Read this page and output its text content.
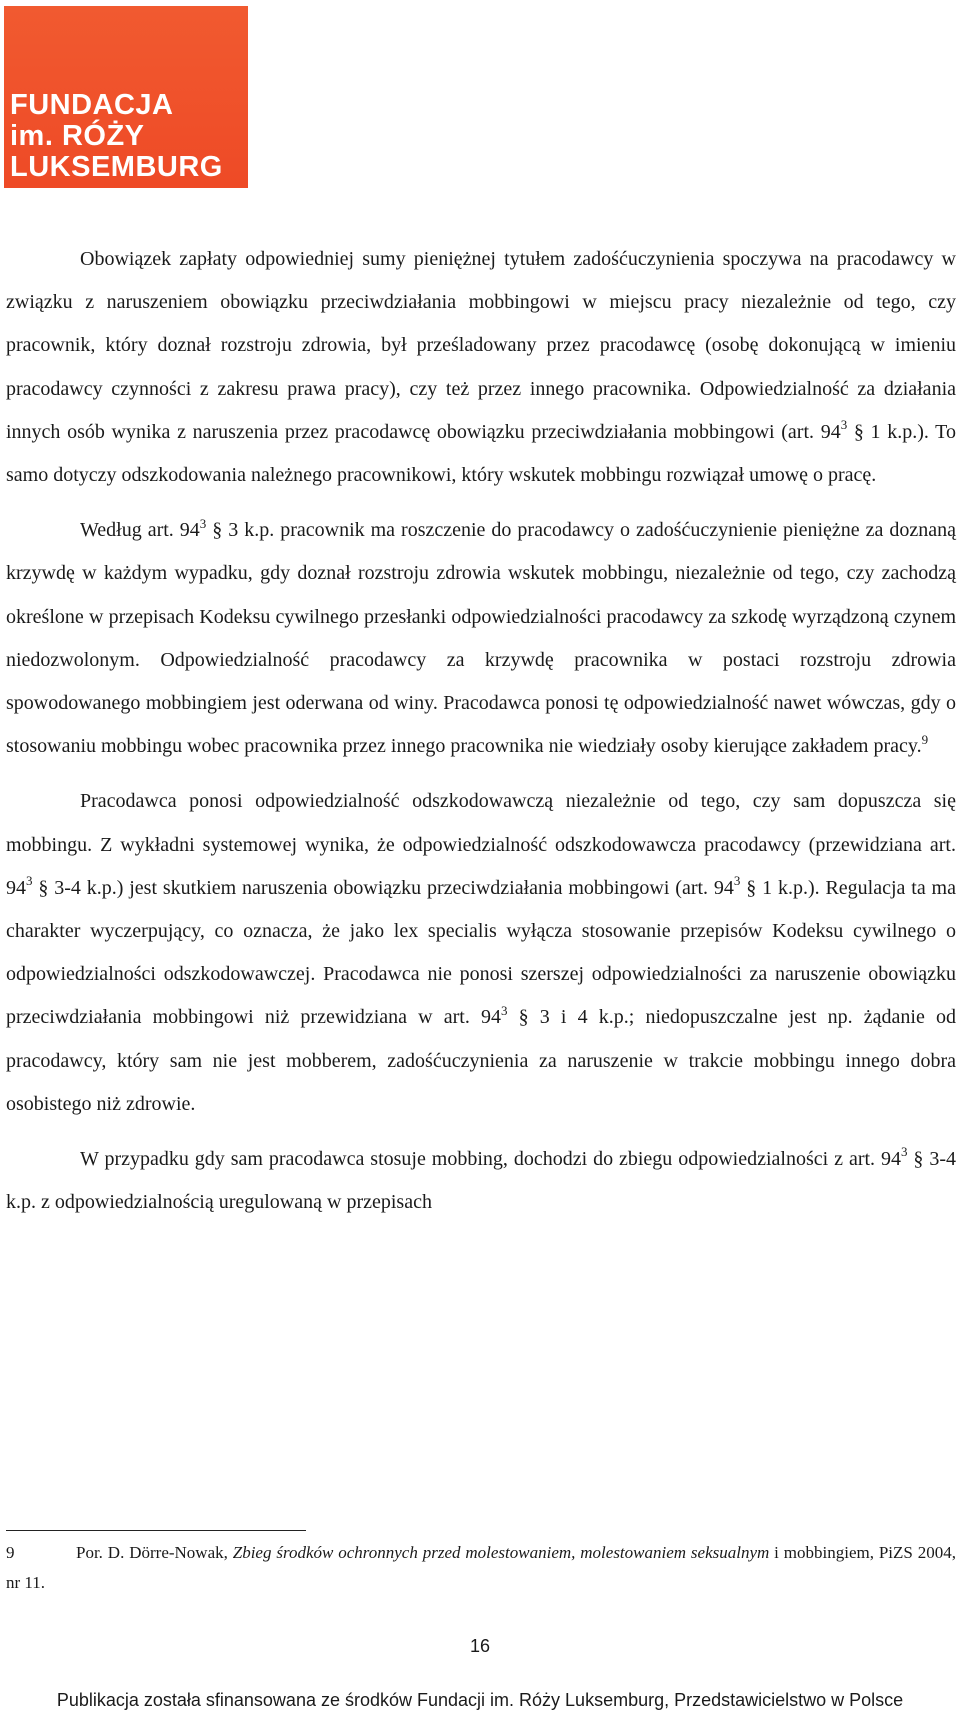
FUNDACJA
im. RÓŻY
LUKSEMBURG

Obowiązek zapłaty odpowiedniej sumy pieniężnej tytułem zadośćuczynienia spoczywa na pracodawcy w związku z naruszeniem obowiązku przeciwdziałania mobbingowi w miejscu pracy niezależnie od tego, czy pracownik, który doznał rozstroju zdrowia, był prześladowany przez pracodawcę (osobę dokonującą w imieniu pracodawcy czynności z zakresu prawa pracy), czy też przez innego pracownika. Odpowiedzialność za działania innych osób wynika z naruszenia przez pracodawcę obowiązku przeciwdziałania mobbingowi (art. $94^3$ § 1 k.p.). To samo dotyczy odszkodowania należnego pracownikowi, który wskutek mobbingu rozwiązał umowę o pracę.

Według art. $94^3$ § 3 k.p. pracownik ma roszczenie do pracodawcy o zadośćuczynienie pieniężne za doznaną krzywdę w każdym wypadku, gdy doznał rozstroju zdrowia wskutek mobbingu, niezależnie od tego, czy zachodzą określone w przepisach Kodeksu cywilnego przesłanki odpowiedzialności pracodawcy za szkodę wyrządzoną czynem niedozwolonym. Odpowiedzialność pracodawcy za krzywdę pracownika w postaci rozstroju zdrowia spowodowanego mobbingiem jest oderwana od winy. Pracodawca ponosi tę odpowiedzialność nawet wówczas, gdy o stosowaniu mobbingu wobec pracownika przez innego pracownika nie wiedziały osoby kierujące zakładem pracy.$^9$

Pracodawca ponosi odpowiedzialność odszkodowawczą niezależnie od tego, czy sam dopuszcza się mobbingu. Z wykładni systemowej wynika, że odpowiedzialność odszkodowawcza pracodawcy (przewidziana art. $94^3$ § 3-4 k.p.) jest skutkiem naruszenia obowiązku przeciwdziałania mobbingowi (art. $94^3$ § 1 k.p.). Regulacja ta ma charakter wyczerpujący, co oznacza, że jako lex specialis wyłącza stosowanie przepisów Kodeksu cywilnego o odpowiedzialności odszkodowawczej. Pracodawca nie ponosi szerszej odpowiedzialności za naruszenie obowiązku przeciwdziałania mobbingowi niż przewidziana w art. $94^3$ § 3 i 4 k.p.; niedopuszczalne jest np. żądanie od pracodawcy, który sam nie jest mobberem, zadośćuczynienia za naruszenie w trakcie mobbingu innego dobra osobistego niż zdrowie.

W przypadku gdy sam pracodawca stosuje mobbing, dochodzi do zbiegu odpowiedzialności z art. $94^3$ § 3-4 k.p. z odpowiedzialnością uregulowaną w przepisach

9	Por. D. Dörre-Nowak, Zbieg środków ochronnych przed molestowaniem, molestowaniem seksualnym i mobbingiem, PiZS 2004, nr 11.
16
Publikacja została sfinansowana ze środków Fundacji im. Róży Luksemburg, Przedstawicielstwo w Polsce
